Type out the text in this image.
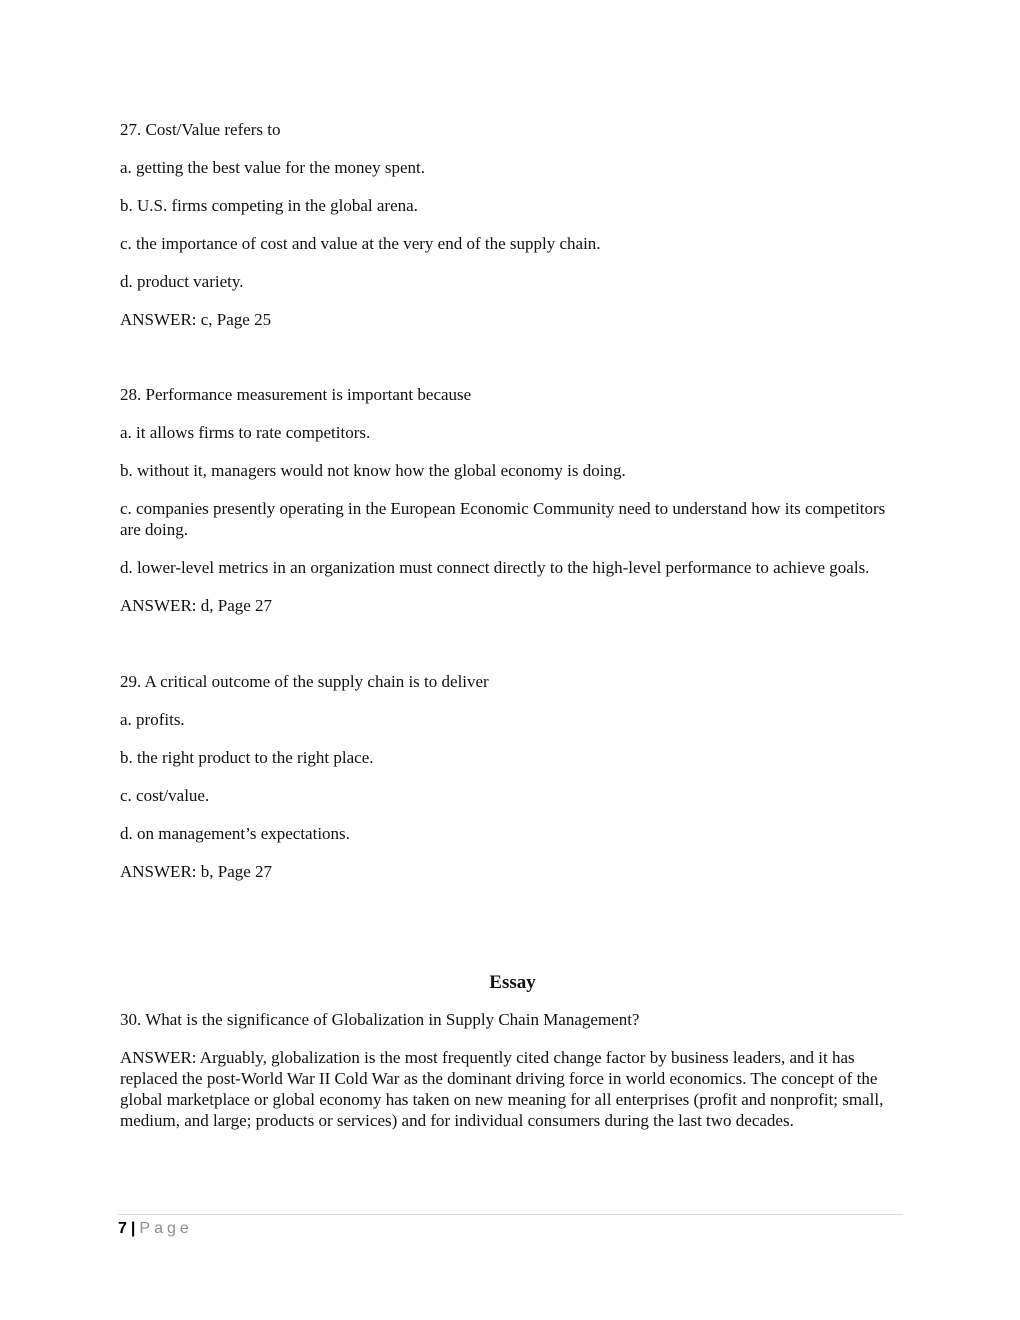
27. Cost/Value refers to

a. getting the best value for the money spent.

b. U.S. firms competing in the global arena.

c. the importance of cost and value at the very end of the supply chain.

d. product variety.

ANSWER: c, Page 25

28. Performance measurement is important because

a. it allows firms to rate competitors.

b. without it, managers would not know how the global economy is doing.

c. companies presently operating in the European Economic Community need to understand how its competitors are doing.

d. lower-level metrics in an organization must connect directly to the high-level performance to achieve goals.

ANSWER: d, Page 27

29. A critical outcome of the supply chain is to deliver

a. profits.

b. the right product to the right place.

c. cost/value.

d. on management’s expectations.

ANSWER: b, Page 27

Essay

30. What is the significance of Globalization in Supply Chain Management?

ANSWER: Arguably, globalization is the most frequently cited change factor by business leaders, and it has replaced the post-World War II Cold War as the dominant driving force in world economics. The concept of the global marketplace or global economy has taken on new meaning for all enterprises (profit and nonprofit; small, medium, and large; products or services) and for individual consumers during the last two decades.

7 | Page
